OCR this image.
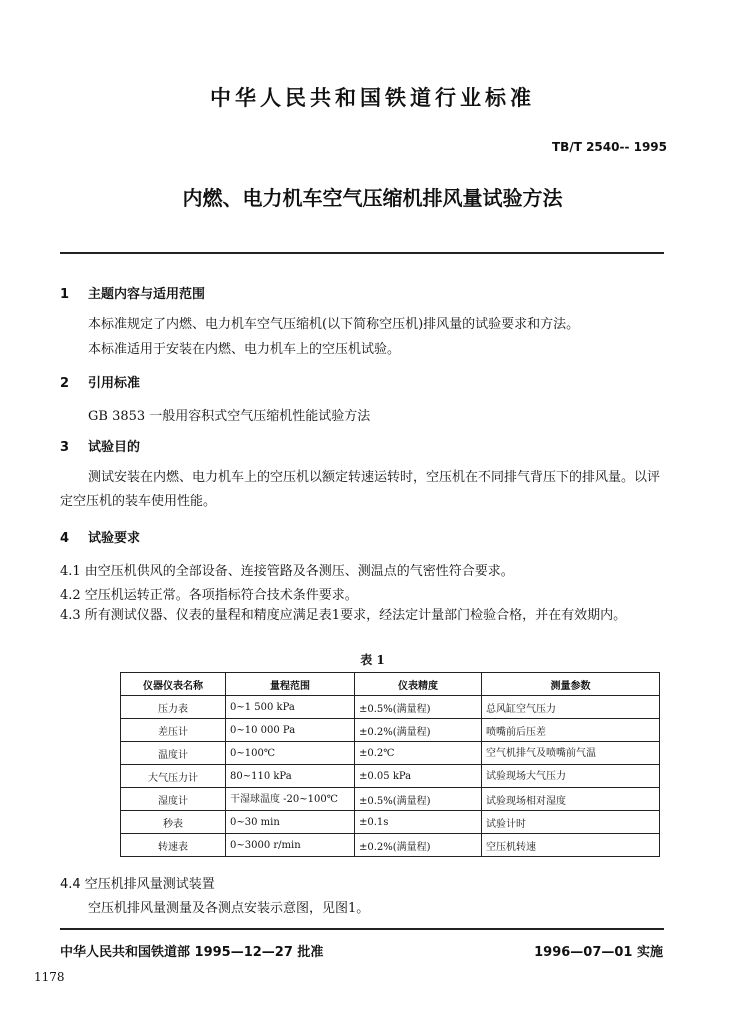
中华人民共和国铁道行业标准
TB/T 2540-- 1995
内燃、电力机车空气压缩机排风量试验方法
1 主题内容与适用范围
本标准规定了内燃、电力机车空气压缩机(以下简称空压机)排风量的试验要求和方法。
本标准适用于安装在内燃、电力机车上的空压机试验。
2 引用标准
GB 3853 一般用容积式空气压缩机性能试验方法
3 试验目的
测试安装在内燃、电力机车上的空压机以额定转速运转时，空压机在不同排气背压下的排风量。以评定空压机的装车使用性能。
4 试验要求
4.1 由空压机供风的全部设备、连接管路及各测压、测温点的气密性符合要求。
4.2 空压机运转正常。各项指标符合技术条件要求。
4.3 所有测试仪器、仪表的量程和精度应满足表1要求，经法定计量部门检验合格，并在有效期内。
表 1
仪器仪表名称	量程范围	仪表精度	测量参数
压力表	0~1 500 kPa	±0.5%(满量程)	总风缸空气压力
差压计	0~10 000 Pa	±0.2%(满量程)	喷嘴前后压差
温度计	0~100℃	±0.2℃	空气机排气及喷嘴前气温
大气压力计	80~110 kPa	±0.05 kPa	试验现场大气压力
湿度计	干湿球温度 -20~100℃	±0.5%(满量程)	试验现场相对湿度
秒表	0~30 min	±0.1s	试验计时
转速表	0~3000 r/min	±0.2%(满量程)	空压机转速
4.4 空压机排风量测试装置
空压机排风量测量及各测点安装示意图，见图1。
中华人民共和国铁道部 1995—12—27 批准	1996—07—01 实施
1178
